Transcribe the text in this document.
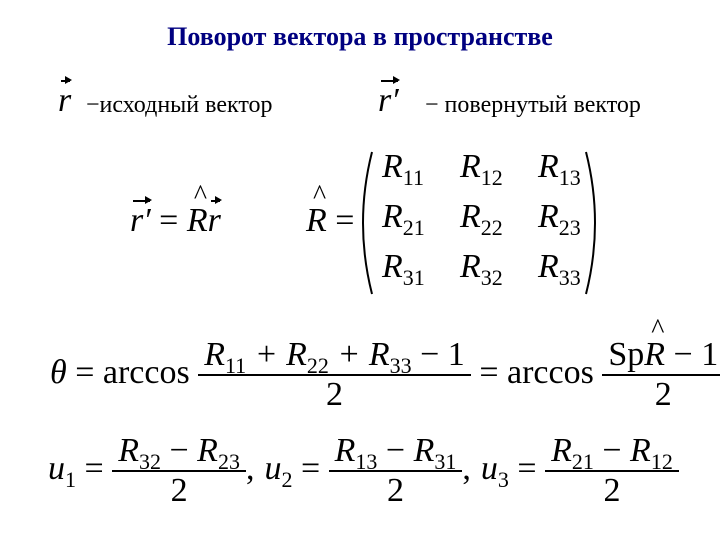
Поворот вектора в пространстве
r −исходный вектор	r′ − повернутый вектор
r′ = ^ Rr	^ R =
$R_{11}$ $R_{12}$ $R_{13}$
$R_{21}$ $R_{22}$ $R_{23}$
$R_{31}$ $R_{32}$ $R_{33}$
$\theta = \arccos \frac{R_{11} + R_{22} + R_{33} - 1}{2} = \arccos \frac{Sp\^{} R - 1}{2}$
$u_1 = \frac{R_{32} - R_{23}}{2}$ , $u_2 = \frac{R_{13} - R_{31}}{2}$ , $u_3 = \frac{R_{21} - R_{12}}{2}$
